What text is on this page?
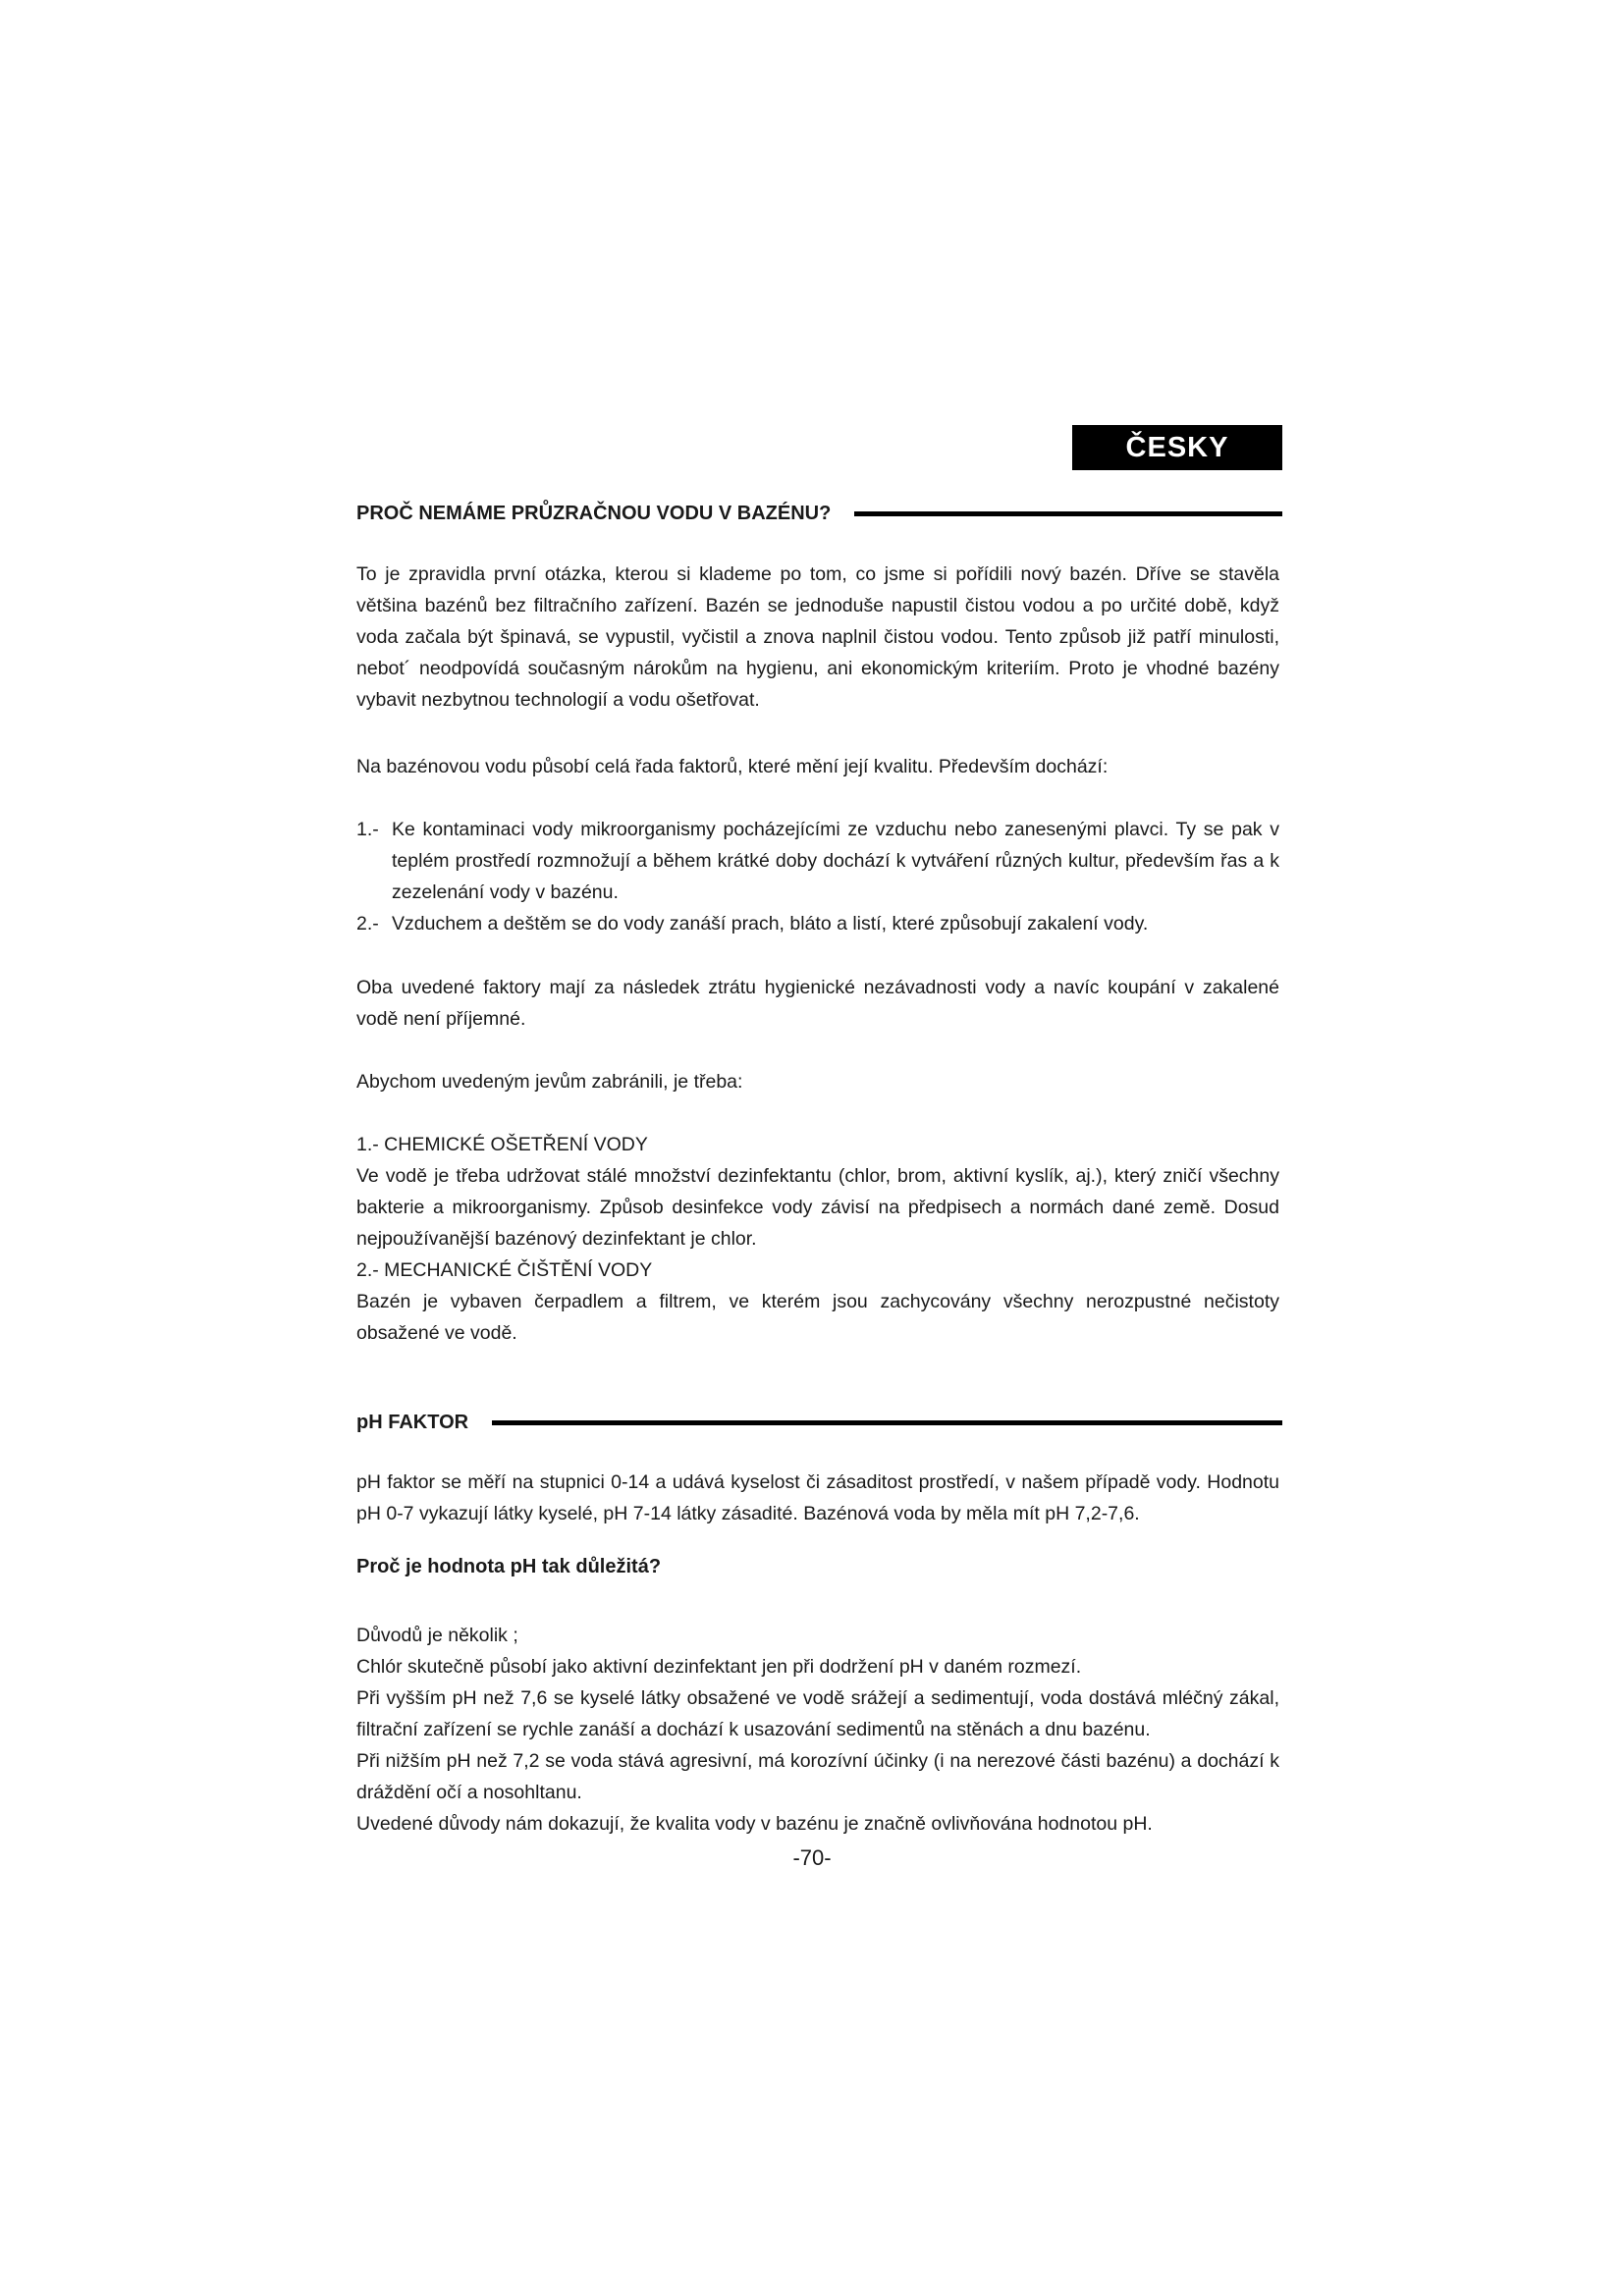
ČESKY
PROČ NEMÁME PRŮZRAČNOU VODU V BAZÉNU?

To je zpravidla první otázka, kterou si klademe po tom, co jsme si pořídili nový bazén. Dříve se stavěla většina bazénů bez filtračního zařízení. Bazén se jednoduše napustil čistou vodou a po určité době, když voda začala být špinavá, se vypustil, vyčistil a znova naplnil čistou vodou. Tento způsob již patří minulosti, nebot´ neodpovídá současným nárokům na hygienu, ani ekonomickým kriteriím. Proto je vhodné bazény vybavit nezbytnou technologií a vodu ošetřovat.

Na bazénovou vodu působí celá řada faktorů, které mění její kvalitu. Především dochází:

1.- Ke kontaminaci vody mikroorganismy pocházejícími ze vzduchu nebo zanesenými plavci. Ty se pak v teplém prostředí rozmnožují a během krátké doby dochází k vytváření různých kultur, především řas a k zezelenání vody v bazénu.
2.- Vzduchem a deštěm se do vody zanáší prach, bláto a listí, které způsobují zakalení vody.

Oba uvedené faktory mají za následek ztrátu hygienické nezávadnosti vody a navíc koupání v zakalené vodě není příjemné.

Abychom uvedeným jevům zabránili, je třeba:

1.- CHEMICKÉ OŠETŘENÍ VODY

Ve vodě je třeba udržovat stálé množství dezinfektantu (chlor, brom, aktivní kyslík, aj.), který zničí všechny bakterie a mikroorganismy. Způsob desinfekce vody závisí na předpisech a normách dané země. Dosud nejpoužívanější bazénový dezinfektant je chlor.

2.- MECHANICKÉ ČIŠTĚNÍ VODY

Bazén je vybaven čerpadlem a filtrem, ve kterém jsou zachycovány všechny nerozpustné nečistoty obsažené ve vodě.

pH FAKTOR

pH faktor se měří na stupnici 0-14 a udává kyselost či zásaditost prostředí, v našem případě vody. Hodnotu pH 0-7 vykazují látky kyselé, pH 7-14 látky zásadité. Bazénová voda by měla mít pH 7,2-7,6.

Proč je hodnota pH tak důležitá?

Důvodů je několik ;

Chlór skutečně působí jako aktivní dezinfektant jen při dodržení pH v daném rozmezí.

Při vyšším pH než 7,6 se kyselé látky obsažené ve vodě srážejí a sedimentují, voda dostává mléčný zákal, filtrační zařízení se rychle zanáší a dochází k usazování sedimentů na stěnách a dnu bazénu.

Při nižším pH než 7,2 se voda stává agresivní, má korozívní účinky (i na nerezové části bazénu) a dochází k dráždění očí a nosohltanu.

Uvedené důvody nám dokazují, že kvalita vody v bazénu je značně ovlivňována hodnotou pH.

-70-
